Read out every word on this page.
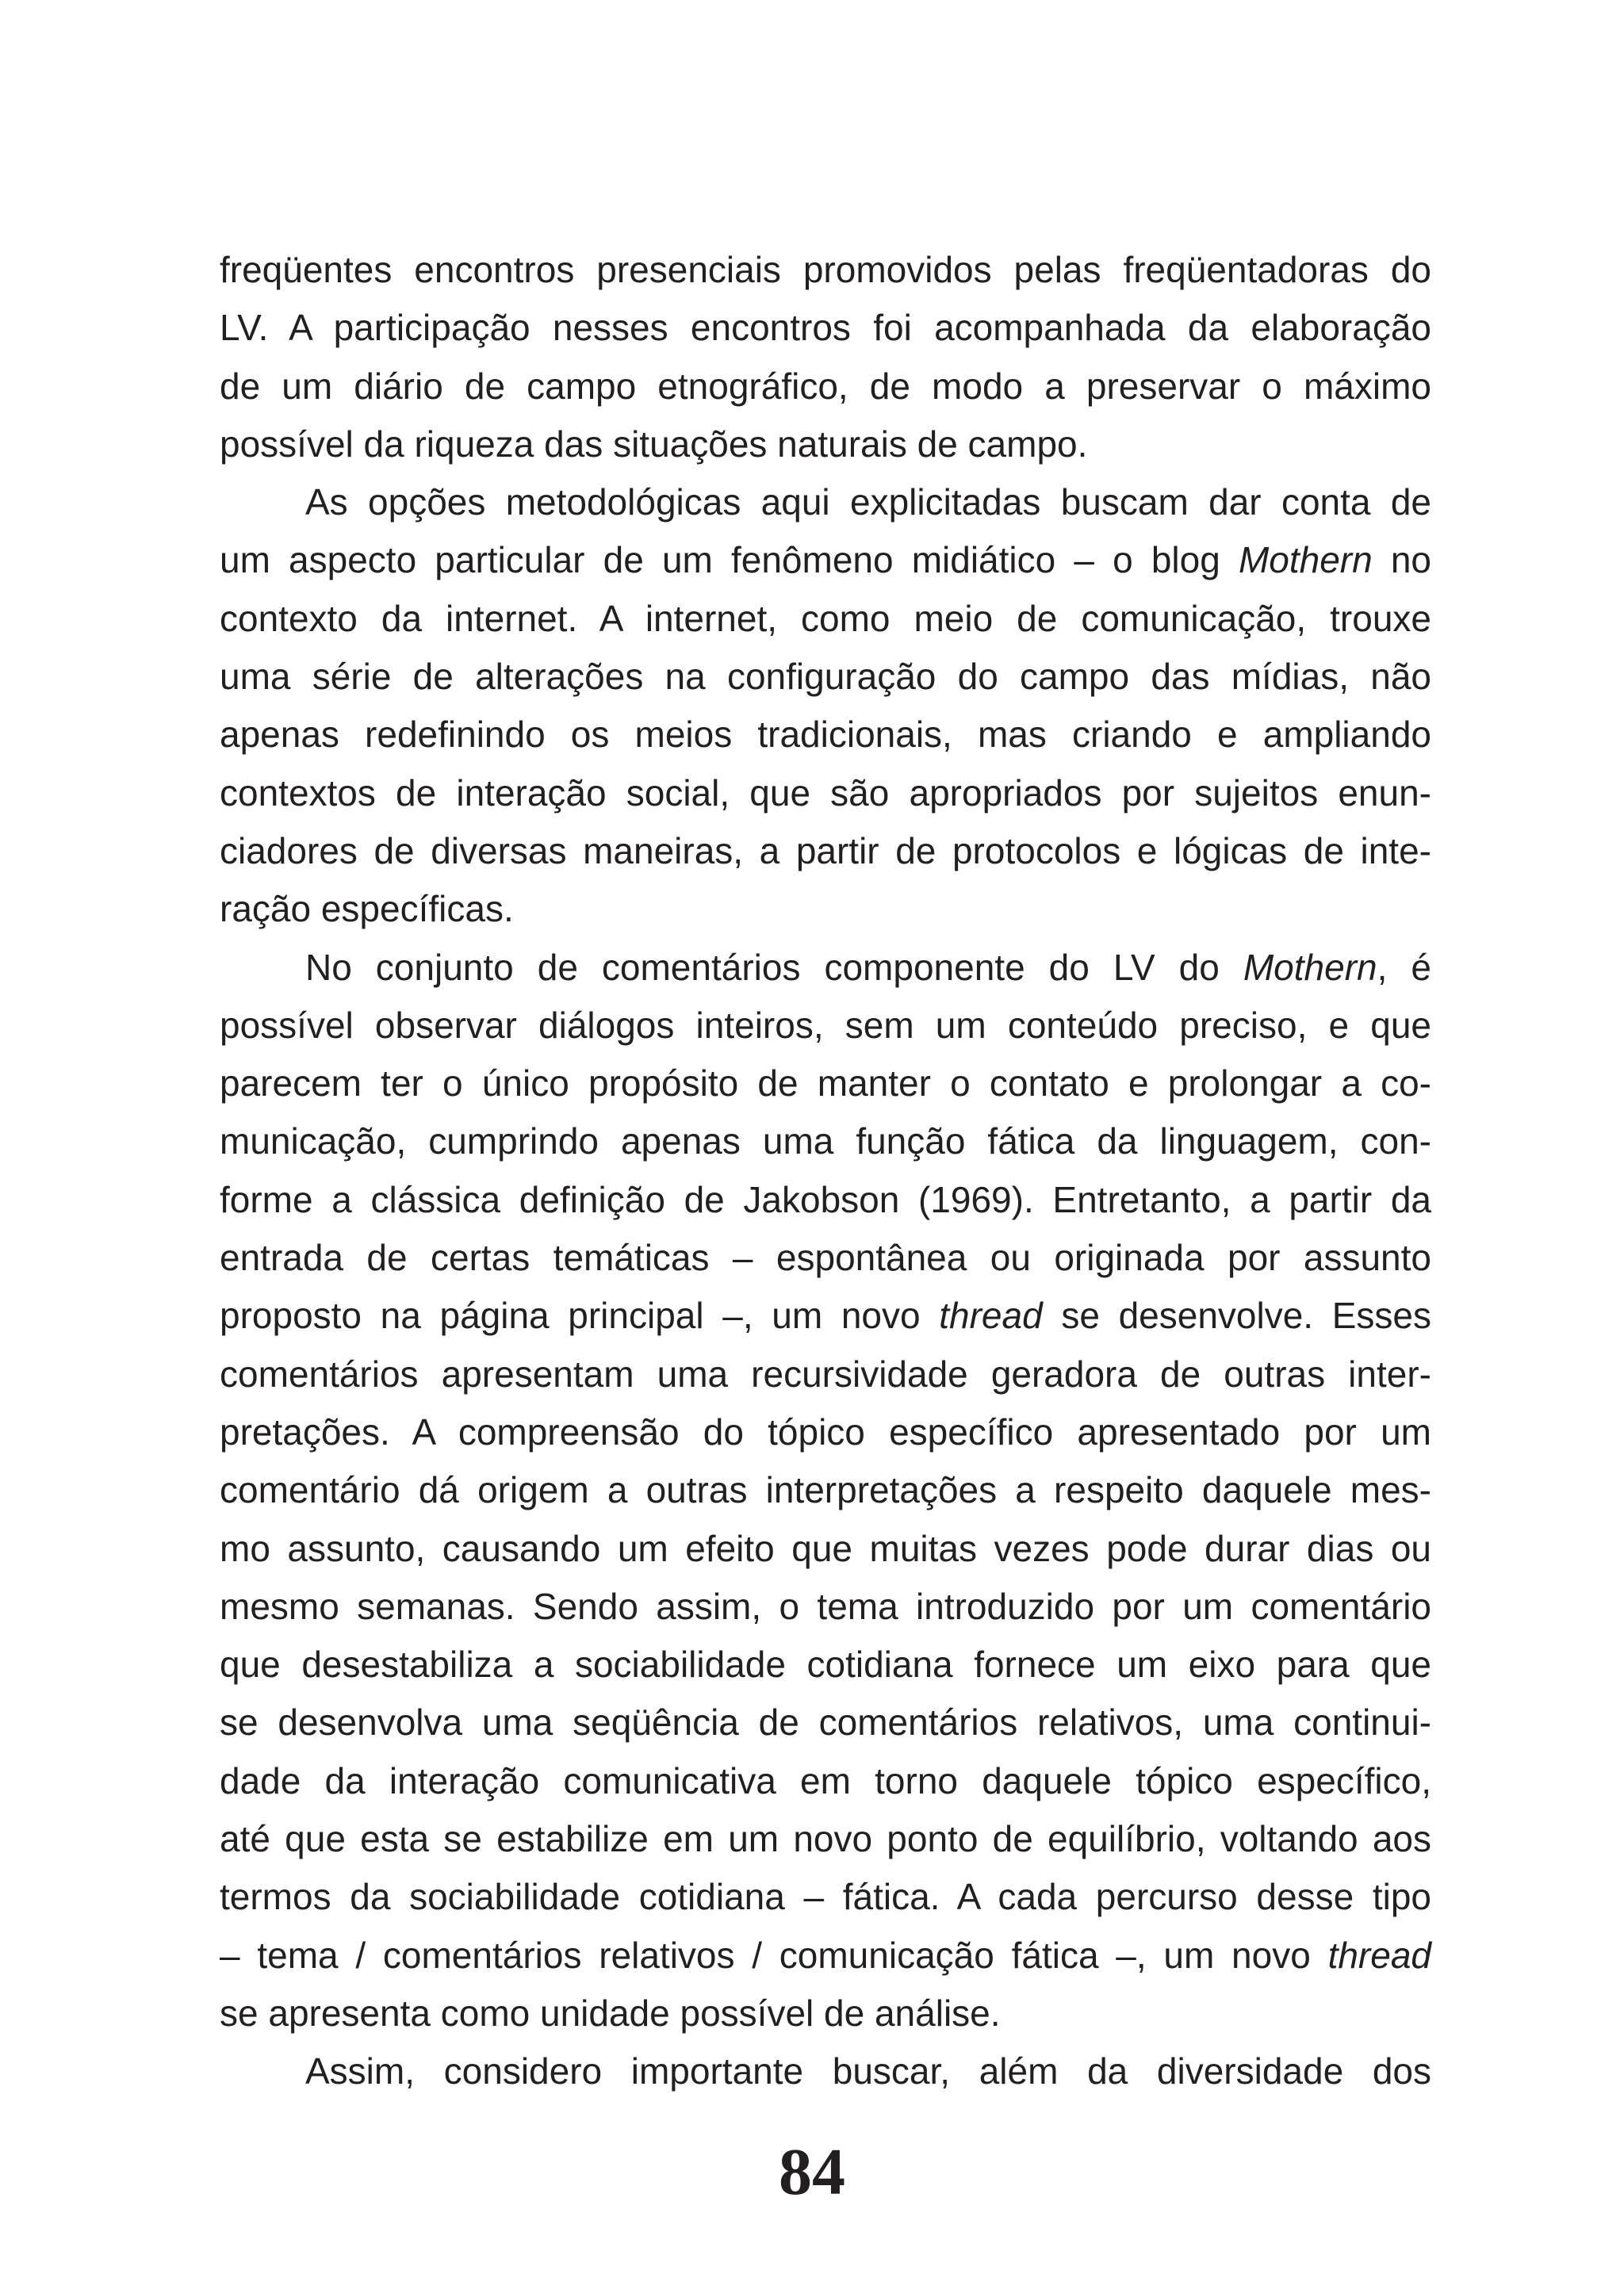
freqüentes encontros presenciais promovidos pelas freqüentadoras do
LV. A participação nesses encontros foi acompanhada da elaboração
de um diário de campo etnográfico, de modo a preservar o máximo
possível da riqueza das situações naturais de campo.
As opções metodológicas aqui explicitadas buscam dar conta de
um aspecto particular de um fenômeno midiático – o blog Mothern no
contexto da internet. A internet, como meio de comunicação, trouxe
uma série de alterações na configuração do campo das mídias, não
apenas redefinindo os meios tradicionais, mas criando e ampliando
contextos de interação social, que são apropriados por sujeitos enun-
ciadores de diversas maneiras, a partir de protocolos e lógicas de inte-
ração específicas.
No conjunto de comentários componente do LV do Mothern, é
possível observar diálogos inteiros, sem um conteúdo preciso, e que
parecem ter o único propósito de manter o contato e prolongar a co-
municação, cumprindo apenas uma função fática da linguagem, con-
forme a clássica definição de Jakobson (1969). Entretanto, a partir da
entrada de certas temáticas – espontânea ou originada por assunto
proposto na página principal –, um novo thread se desenvolve. Esses
comentários apresentam uma recursividade geradora de outras inter-
pretações. A compreensão do tópico específico apresentado por um
comentário dá origem a outras interpretações a respeito daquele mes-
mo assunto, causando um efeito que muitas vezes pode durar dias ou
mesmo semanas. Sendo assim, o tema introduzido por um comentário
que desestabiliza a sociabilidade cotidiana fornece um eixo para que
se desenvolva uma seqüência de comentários relativos, uma continui-
dade da interação comunicativa em torno daquele tópico específico,
até que esta se estabilize em um novo ponto de equilíbrio, voltando aos
termos da sociabilidade cotidiana – fática. A cada percurso desse tipo
– tema / comentários relativos / comunicação fática –, um novo thread
se apresenta como unidade possível de análise.
Assim, considero importante buscar, além da diversidade dos
84
